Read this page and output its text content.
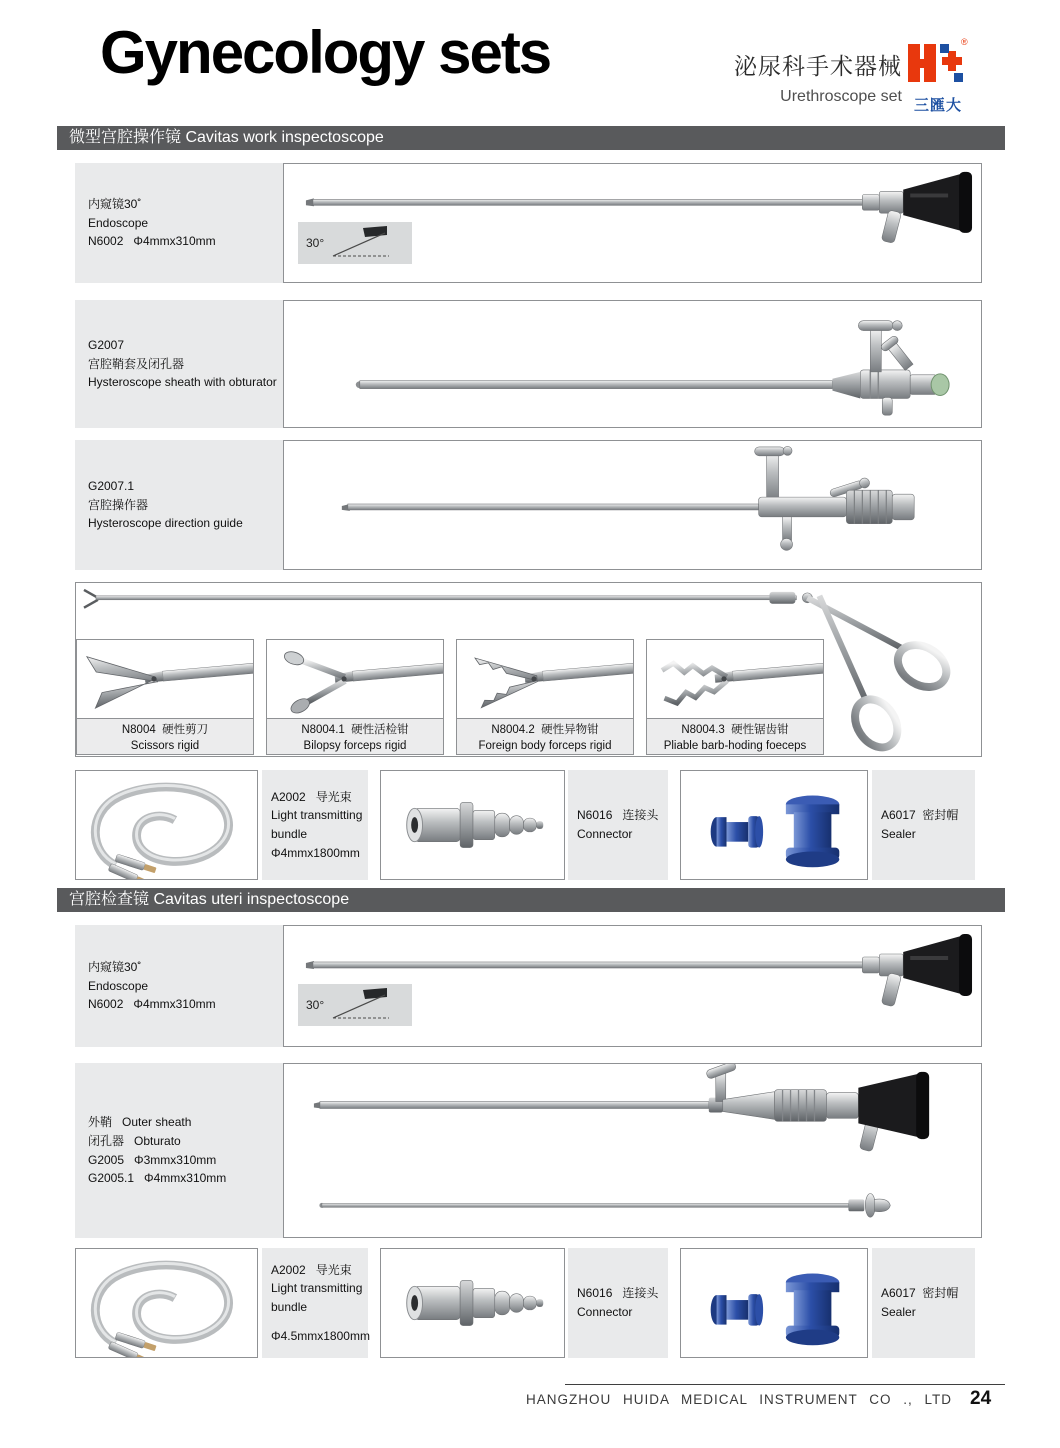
Gynecology sets	泌尿科手术器械
Urethroscope set
®
三匯大
微型宫腔操作镜 Cavitas work inspectoscope
内窥镜30˚
Endoscope
N6002   Φ4mmx310mm	30°
G2007
宫腔鞘套及闭孔器
Hysteroscope sheath with obturator
G2007.1
宫腔操作器
Hysteroscope direction guide
N8004  硬性剪刀
Scissors rigid
N8004.1  硬性活检钳
Bilopsy forceps rigid
N8004.2  硬性异物钳
Foreign body forceps rigid
N8004.3  硬性锯齿钳
Pliable barb-hoding foeceps
A2002   导光束
Light transmitting bundle
Φ4mmx1800mm
N6016   连接头
Connector
A6017  密封帽
Sealer
宫腔检查镜 Cavitas uteri inspectoscope
内窥镜30˚
Endoscope
N6002   Φ4mmx310mm	30°
外鞘   Outer sheath
闭孔器   Obturato
G2005   Φ3mmx310mm
G2005.1   Φ4mmx310mm
A2002   导光束
Light transmitting bundle
Φ4.5mmx1800mm
N6016   连接头
Connector
A6017  密封帽
Sealer
HANGZHOU HUIDA MEDICAL INSTRUMENT CO ., LTD 24
